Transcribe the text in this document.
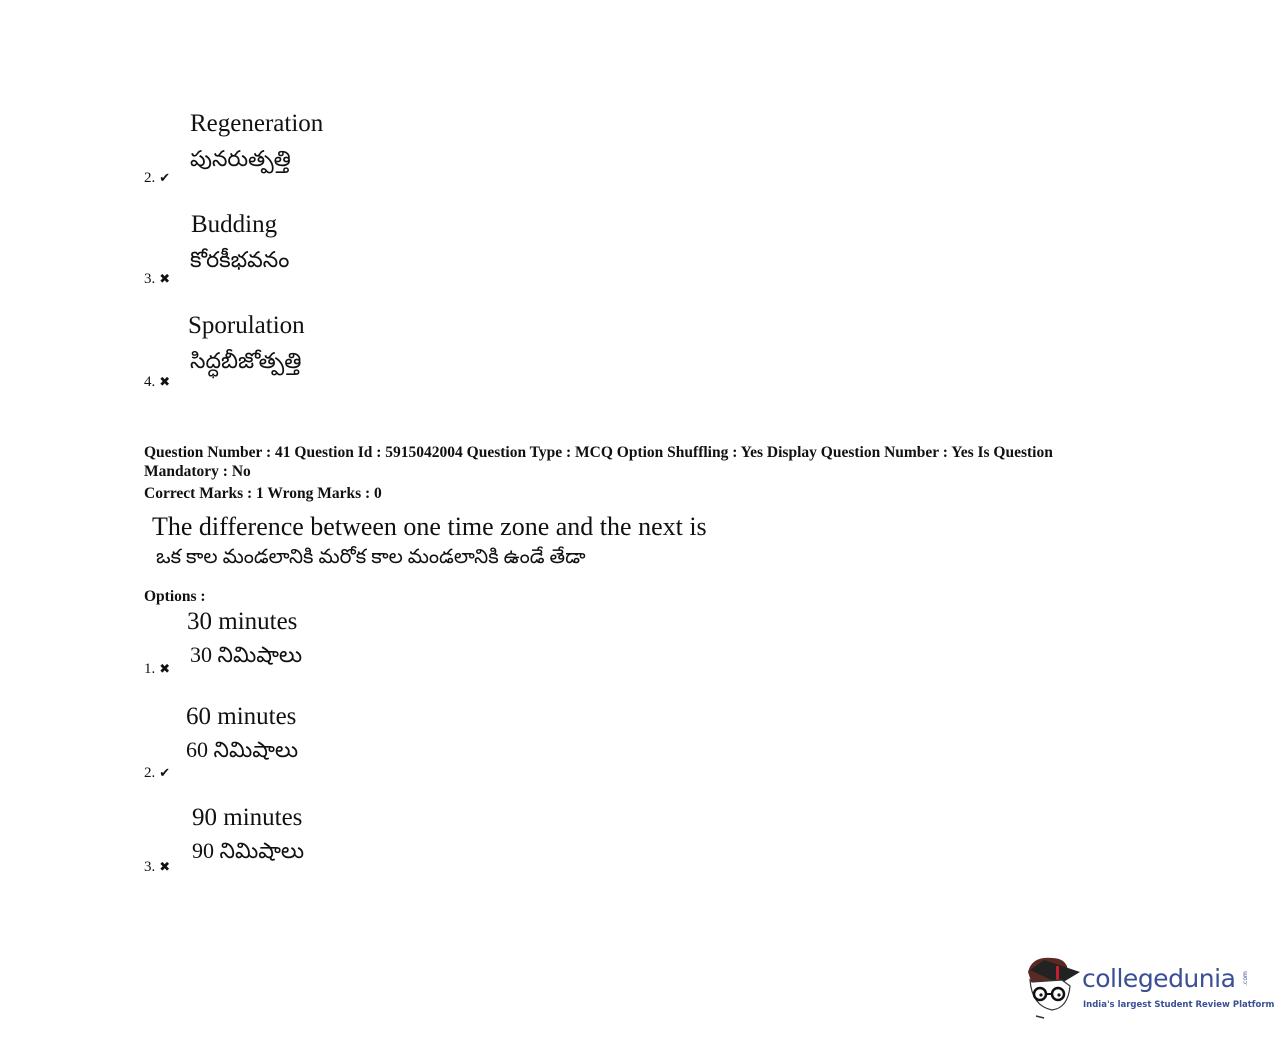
Regeneration
పునరుత్పత్తి
2. ✔
Budding
కోరకీభవనం
3. ✖
Sporulation
సిద్ధబీజోత్పత్తి
4. ✖
Question Number : 41 Question Id : 5915042004 Question Type : MCQ Option Shuffling : Yes Display Question Number : Yes Is Question
Mandatory : No
Correct Marks : 1 Wrong Marks : 0
The difference between one time zone and the next is
ఒక కాల మండలానికి మరోక కాల మండలానికి ఉండే తేడా
Options :
30 minutes
30 నిమిషాలు
1. ✖
60 minutes
60 నిమిషాలు
2. ✔
90 minutes
90 నిమిషాలు
3. ✖
collegedunia .com
India's largest Student Review Platform
